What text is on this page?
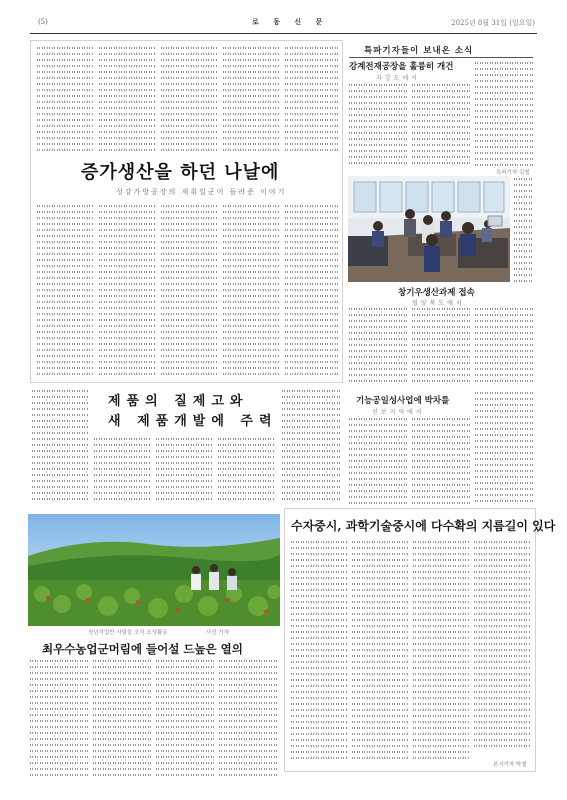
(5)	로 동 신 문	2025년 8월 31일 (일요일)
증가생산을 하던 나날에
성강가방공장의 제취일군이 들려준 이야기
제품의 질제고와
새 제품개발에 주력
특파기자들이 보내온 소식
강계전재공장을 훌륭히 개건
자강도에서
특파기자 김철
창기우생산과제 접속
평양북도에서
기능공일성사업에 박차를
진보지역에서
청년작업반 사람들 조직 조성활동	사진 기자
최우수농업군머림에 들어설 드높은 열의
수자중시, 과학기술중시에 다수확의 지름길이 있다
본사기자 박철
